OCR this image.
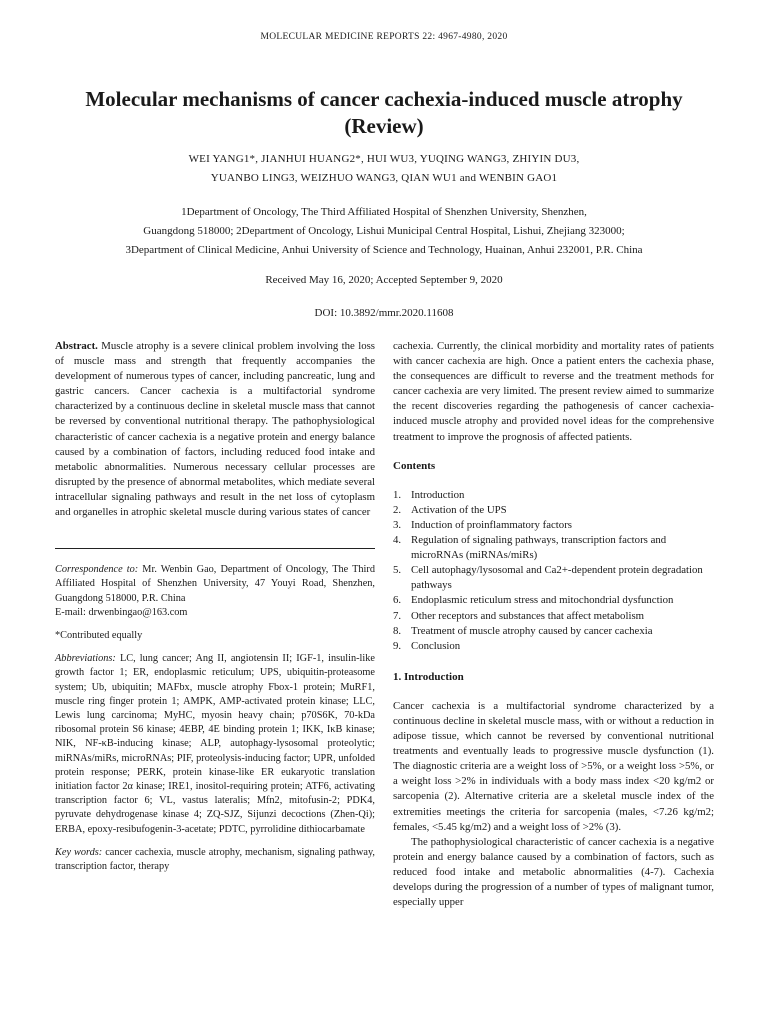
MOLECULAR MEDICINE REPORTS 22: 4967-4980, 2020
Molecular mechanisms of cancer cachexia-induced muscle atrophy (Review)
WEI YANG1*, JIANHUI HUANG2*, HUI WU3, YUQING WANG3, ZHIYIN DU3,
YUANBO LING3, WEIZHUO WANG3, QIAN WU1 and WENBIN GAO1
1Department of Oncology, The Third Affiliated Hospital of Shenzhen University, Shenzhen,
Guangdong 518000; 2Department of Oncology, Lishui Municipal Central Hospital, Lishui, Zhejiang 323000;
3Department of Clinical Medicine, Anhui University of Science and Technology, Huainan, Anhui 232001, P.R. China
Received May 16, 2020; Accepted September 9, 2020
DOI: 10.3892/mmr.2020.11608

Abstract. Muscle atrophy is a severe clinical problem involving the loss of muscle mass and strength that frequently accompanies the development of numerous types of cancer, including pancreatic, lung and gastric cancers. Cancer cachexia is a multifactorial syndrome characterized by a continuous decline in skeletal muscle mass that cannot be reversed by conventional nutritional therapy. The pathophysiological characteristic of cancer cachexia is a negative protein and energy balance caused by a combination of factors, including reduced food intake and metabolic abnormalities. Numerous necessary cellular processes are disrupted by the presence of abnormal metabolites, which mediate several intracellular signaling pathways and result in the net loss of cytoplasm and organelles in atrophic skeletal muscle during various states of cancer

Correspondence to: Mr. Wenbin Gao, Department of Oncology, The Third Affiliated Hospital of Shenzhen University, 47 Youyi Road, Shenzhen, Guangdong 518000, P.R. China

E-mail: drwenbingao@163.com

*Contributed equally

Abbreviations: LC, lung cancer; Ang II, angiotensin II; IGF-1, insulin-like growth factor 1; ER, endoplasmic reticulum; UPS, ubiquitin-proteasome system; Ub, ubiquitin; MAFbx, muscle atrophy Fbox-1 protein; MuRF1, muscle ring finger protein 1; AMPK, AMP-activated protein kinase; LLC, Lewis lung carcinoma; MyHC, myosin heavy chain; p70S6K, 70-kDa ribosomal protein S6 kinase; 4EBP, 4E binding protein 1; IKK, IκB kinase; NIK, NF-κB-inducing kinase; ALP, autophagy-lysosomal proteolytic; miRNAs/miRs, microRNAs; PIF, proteolysis-inducing factor; UPR, unfolded protein response; PERK, protein kinase-like ER eukaryotic translation initiation factor 2α kinase; IRE1, inositol-requiring protein; ATF6, activating transcription factor 6; VL, vastus lateralis; Mfn2, mitofusin-2; PDK4, pyruvate dehydrogenase kinase 4; ZQ-SJZ, Sijunzi decoctions (Zhen-Qi); ERBA, epoxy-resibufogenin-3-acetate; PDTC, pyrrolidine dithiocarbamate

Key words: cancer cachexia, muscle atrophy, mechanism, signaling pathway, transcription factor, therapy

cachexia. Currently, the clinical morbidity and mortality rates of patients with cancer cachexia are high. Once a patient enters the cachexia phase, the consequences are difficult to reverse and the treatment methods for cancer cachexia are very limited. The present review aimed to summarize the recent discoveries regarding the pathogenesis of cancer cachexia-induced muscle atrophy and provided novel ideas for the comprehensive treatment to improve the prognosis of affected patients.

Contents
1. Introduction
2. Activation of the UPS
3. Induction of proinflammatory factors
4. Regulation of signaling pathways, transcription factors and microRNAs (miRNAs/miRs)
5. Cell autophagy/lysosomal and Ca2+-dependent protein degradation pathways
6. Endoplasmic reticulum stress and mitochondrial dysfunction
7. Other receptors and substances that affect metabolism
8. Treatment of muscle atrophy caused by cancer cachexia
9. Conclusion
1. Introduction

Cancer cachexia is a multifactorial syndrome characterized by a continuous decline in skeletal muscle mass, with or without a reduction in adipose tissue, which cannot be reversed by conventional nutritional treatments and eventually leads to progressive muscle dysfunction (1). The diagnostic criteria are a weight loss of >5%, or a weight loss >5%, or a weight loss >2% in individuals with a body mass index <20 kg/m2 or sarcopenia (2). Alternative criteria are a skeletal muscle index of the extremities meetings the criteria for sarcopenia (males, <7.26 kg/m2; females, <5.45 kg/m2) and a weight loss of >2% (3).

The pathophysiological characteristic of cancer cachexia is a negative protein and energy balance caused by a combination of factors, such as reduced food intake and metabolic abnormalities (4-7). Cachexia develops during the progression of a number of types of malignant tumor, especially upper
